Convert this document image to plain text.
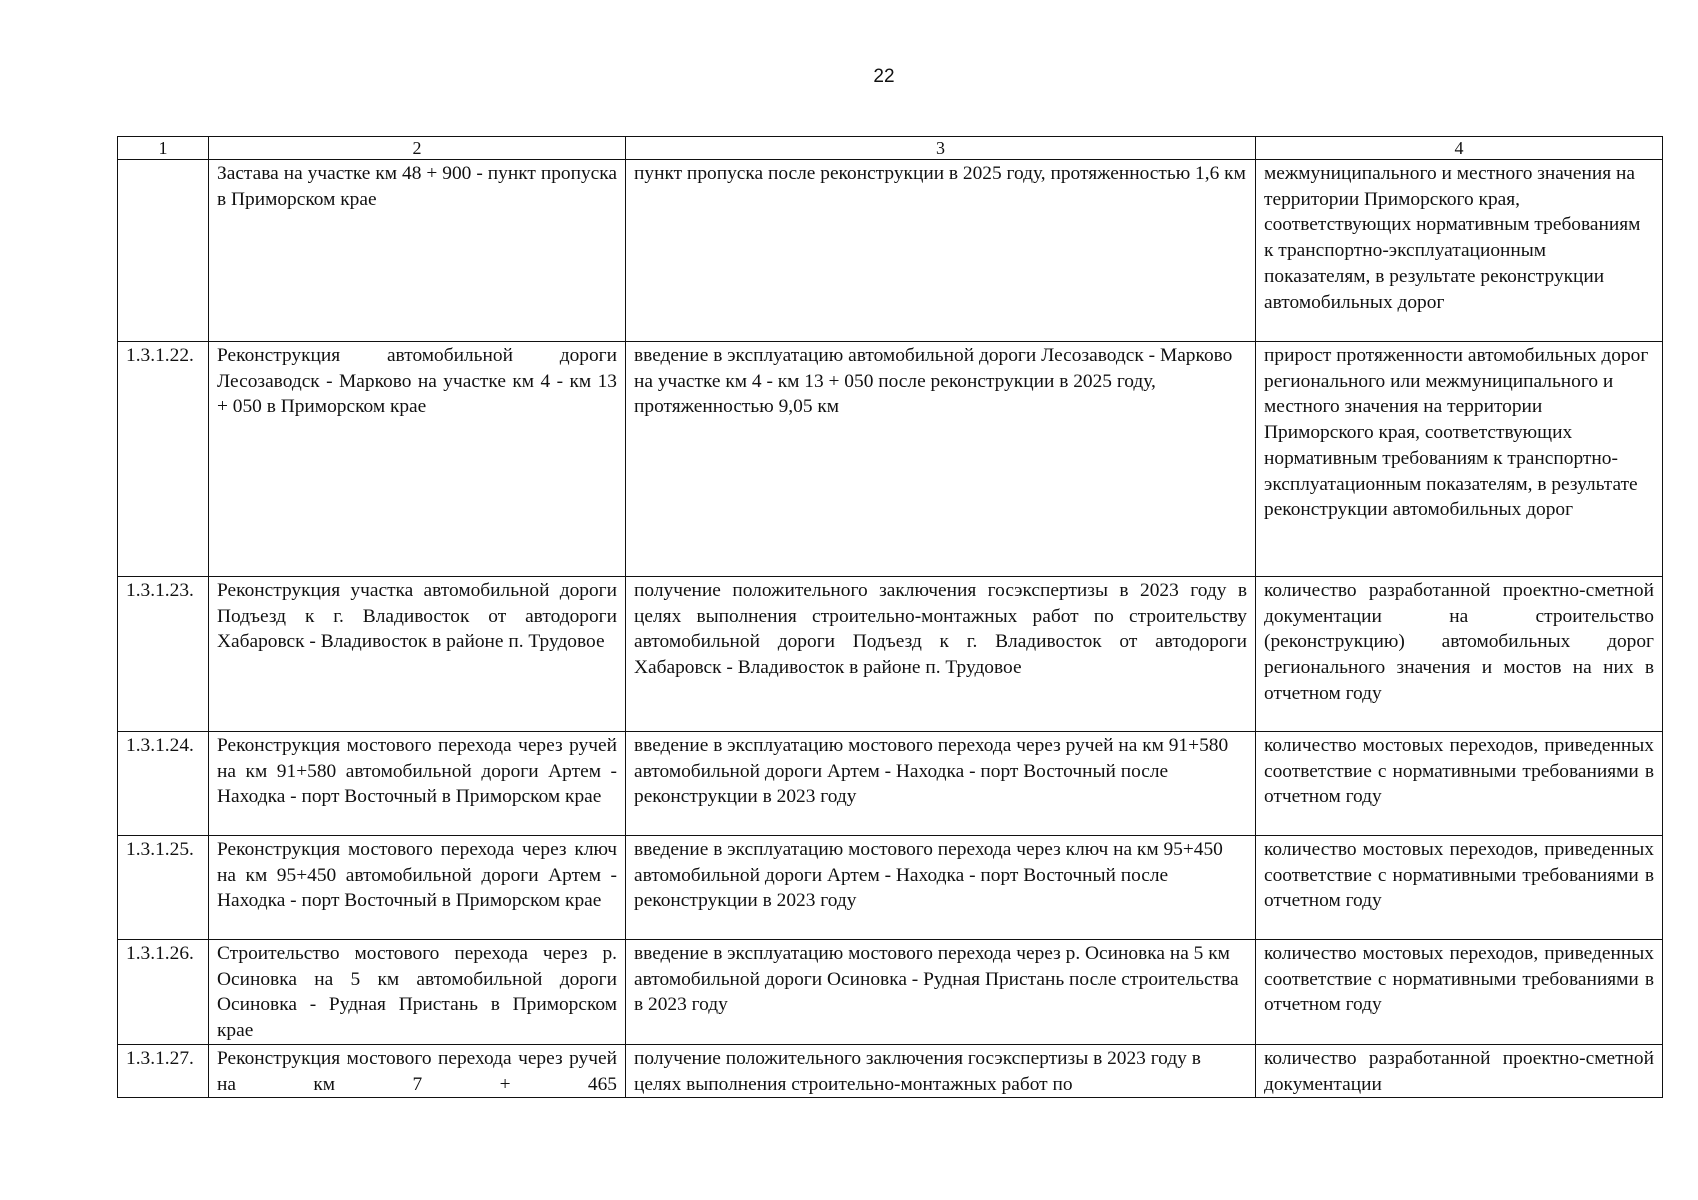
22
1	2	3	4
	Застава на участке км 48 + 900 - пункт пропуска в Приморском крае	пункт пропуска после реконструкции в 2025 году, протяженностью 1,6 км	межмуниципального и местного значения на территории Приморского края, соответствующих нормативным требованиям к транспортно-эксплуатационным показателям, в результате реконструкции автомобильных дорог
1.3.1.22.	Реконструкция автомобильной дороги Лесозаводск - Марково на участке км 4 - км 13 + 050 в Приморском крае	введение в эксплуатацию автомобильной дороги Лесозаводск - Марково на участке км 4 - км 13 + 050 после реконструкции в 2025 году, протяженностью 9,05 км	прирост протяженности автомобильных дорог регионального или межмуниципального и местного значения на территории Приморского края, соответствующих нормативным требованиям к транспортно-эксплуатационным показателям, в результате реконструкции автомобильных дорог
1.3.1.23.	Реконструкция участка автомобильной дороги Подъезд к г. Владивосток от автодороги Хабаровск - Владивосток в районе п. Трудовое	получение положительного заключения госэкспертизы в 2023 году в целях выполнения строительно-монтажных работ по строительству автомобильной дороги Подъезд к г. Владивосток от автодороги Хабаровск - Владивосток в районе п. Трудовое	количество разработанной проектно-сметной документации на строительство (реконструкцию) автомобильных дорог регионального значения и мостов на них в отчетном году
1.3.1.24.	Реконструкция мостового перехода через ручей на км 91+580 автомобильной дороги Артем - Находка - порт Восточный в Приморском крае	введение в эксплуатацию мостового перехода через ручей на км 91+580 автомобильной дороги Артем - Находка - порт Восточный после реконструкции в 2023 году	количество мостовых переходов, приведенных соответствие с нормативными требованиями в отчетном году
1.3.1.25.	Реконструкция мостового перехода через ключ на км 95+450 автомобильной дороги Артем - Находка - порт Восточный в Приморском крае	введение в эксплуатацию мостового перехода через ключ на км 95+450 автомобильной дороги Артем - Находка - порт Восточный после реконструкции в 2023 году	количество мостовых переходов, приведенных соответствие с нормативными требованиями в отчетном году
1.3.1.26.	Строительство мостового перехода через р. Осиновка на 5 км автомобильной дороги Осиновка - Рудная Пристань в Приморском крае	введение в эксплуатацию мостового перехода через р. Осиновка на 5 км автомобильной дороги Осиновка - Рудная Пристань после строительства в 2023 году	количество мостовых переходов, приведенных соответствие с нормативными требованиями в отчетном году
1.3.1.27.	Реконструкция мостового перехода через ручей на км 7 + 465	получение положительного заключения госэкспертизы в 2023 году в целях выполнения строительно-монтажных работ по	количество разработанной проектно-сметной документации
